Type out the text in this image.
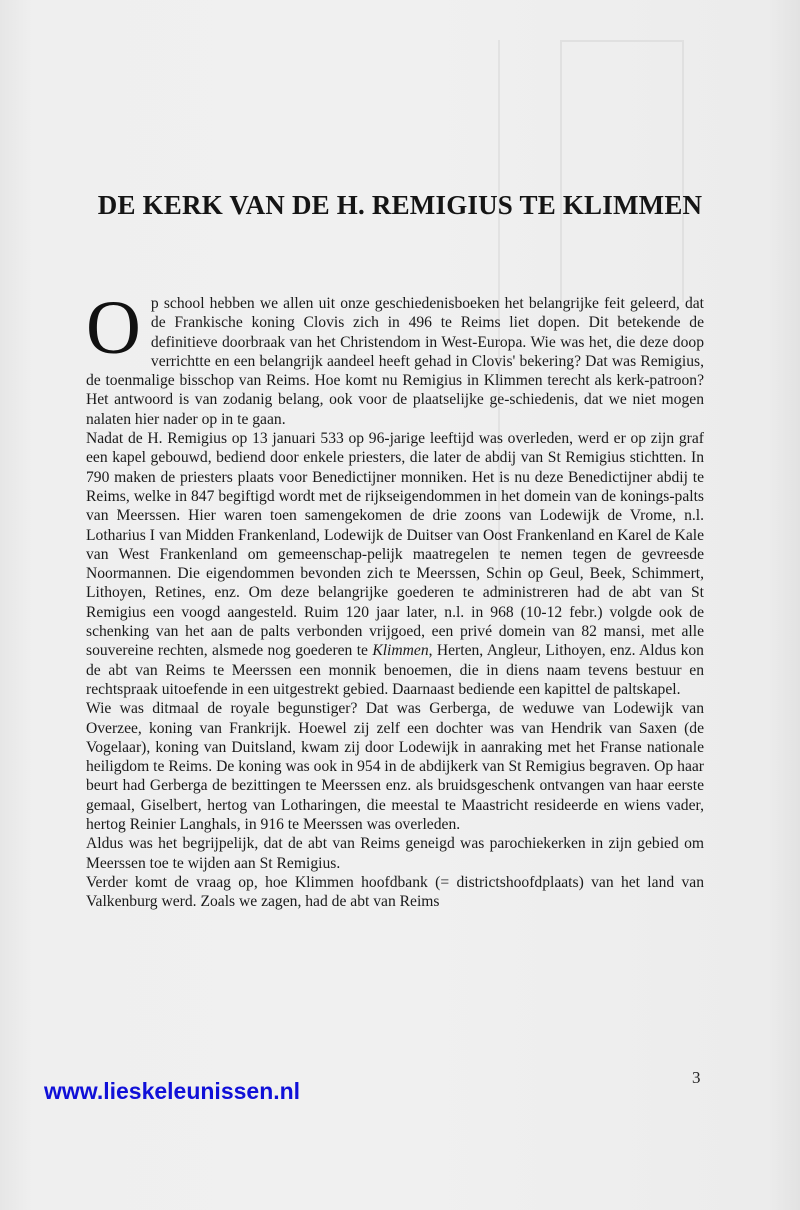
DE KERK VAN DE H. REMIGIUS TE KLIMMEN

Op school hebben we allen uit onze geschiedenisboeken het belangrijke feit geleerd, dat de Frankische koning Clovis zich in 496 te Reims liet dopen. Dit betekende de definitieve doorbraak van het Christendom in West-Europa. Wie was het, die deze doop verrichtte en een belangrijk aandeel heeft gehad in Clovis' bekering? Dat was Remigius, de toenmalige bisschop van Reims. Hoe komt nu Remigius in Klimmen terecht als kerk-patroon? Het antwoord is van zodanig belang, ook voor de plaatselijke ge-schiedenis, dat we niet mogen nalaten hier nader op in te gaan.

Nadat de H. Remigius op 13 januari 533 op 96-jarige leeftijd was overleden, werd er op zijn graf een kapel gebouwd, bediend door enkele priesters, die later de abdij van St Remigius stichtten. In 790 maken de priesters plaats voor Benedictijner monniken. Het is nu deze Benedictijner abdij te Reims, welke in 847 begiftigd wordt met de rijkseigendommen in het domein van de konings-palts van Meerssen. Hier waren toen samengekomen de drie zoons van Lodewijk de Vrome, n.l. Lotharius I van Midden Frankenland, Lodewijk de Duitser van Oost Frankenland en Karel de Kale van West Frankenland om gemeenschap-pelijk maatregelen te nemen tegen de gevreesde Noormannen. Die eigendommen bevonden zich te Meerssen, Schin op Geul, Beek, Schimmert, Lithoyen, Retines, enz. Om deze belangrijke goederen te administreren had de abt van St Remigius een voogd aangesteld. Ruim 120 jaar later, n.l. in 968 (10-12 febr.) volgde ook de schenking van het aan de palts verbonden vrijgoed, een privé domein van 82 mansi, met alle souvereine rechten, alsmede nog goederen te Klimmen, Herten, Angleur, Lithoyen, enz. Aldus kon de abt van Reims te Meerssen een monnik benoemen, die in diens naam tevens bestuur en rechtspraak uitoefende in een uitgestrekt gebied. Daarnaast bediende een kapittel de paltskapel.

Wie was ditmaal de royale begunstiger? Dat was Gerberga, de weduwe van Lodewijk van Overzee, koning van Frankrijk. Hoewel zij zelf een dochter was van Hendrik van Saxen (de Vogelaar), koning van Duitsland, kwam zij door Lodewijk in aanraking met het Franse nationale heiligdom te Reims. De koning was ook in 954 in de abdijkerk van St Remigius begraven. Op haar beurt had Gerberga de bezittingen te Meerssen enz. als bruidsgeschenk ontvangen van haar eerste gemaal, Giselbert, hertog van Lotharingen, die meestal te Maastricht resideerde en wiens vader, hertog Reinier Langhals, in 916 te Meerssen was overleden.

Aldus was het begrijpelijk, dat de abt van Reims geneigd was parochiekerken in zijn gebied om Meerssen toe te wijden aan St Remigius.

Verder komt de vraag op, hoe Klimmen hoofdbank (= districtshoofdplaats) van het land van Valkenburg werd. Zoals we zagen, had de abt van Reims

3
www.lieskeleunissen.nl
